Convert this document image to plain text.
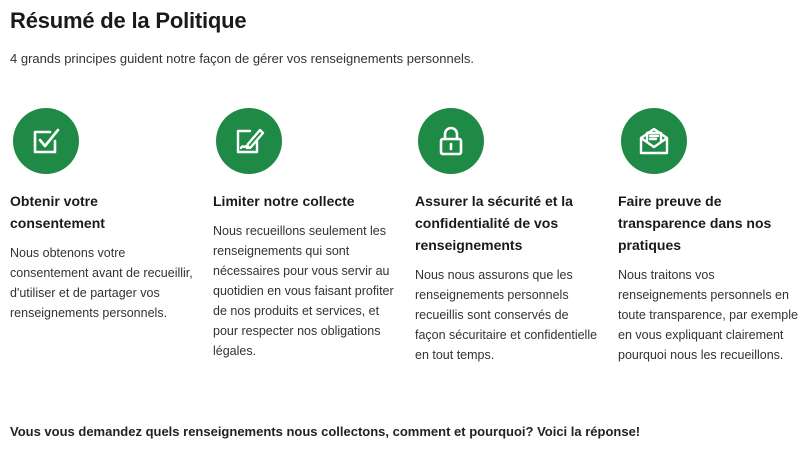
Résumé de la Politique

4 grands principes guident notre façon de gérer vos renseignements personnels.

Obtenir votre consentement

Nous obtenons votre consentement avant de recueillir, d'utiliser et de partager vos renseignements personnels.

Limiter notre collecte

Nous recueillons seulement les renseignements qui sont nécessaires pour vous servir au quotidien en vous faisant profiter de nos produits et services, et pour respecter nos obligations légales.

Assurer la sécurité et la confidentialité de vos renseignements

Nous nous assurons que les renseignements personnels recueillis sont conservés de façon sécuritaire et confidentielle en tout temps.

Faire preuve de transparence dans nos pratiques

Nous traitons vos renseignements personnels en toute transparence, par exemple en vous expliquant clairement pourquoi nous les recueillons.

Vous vous demandez quels renseignements nous collectons, comment et pourquoi? Voici la réponse!
